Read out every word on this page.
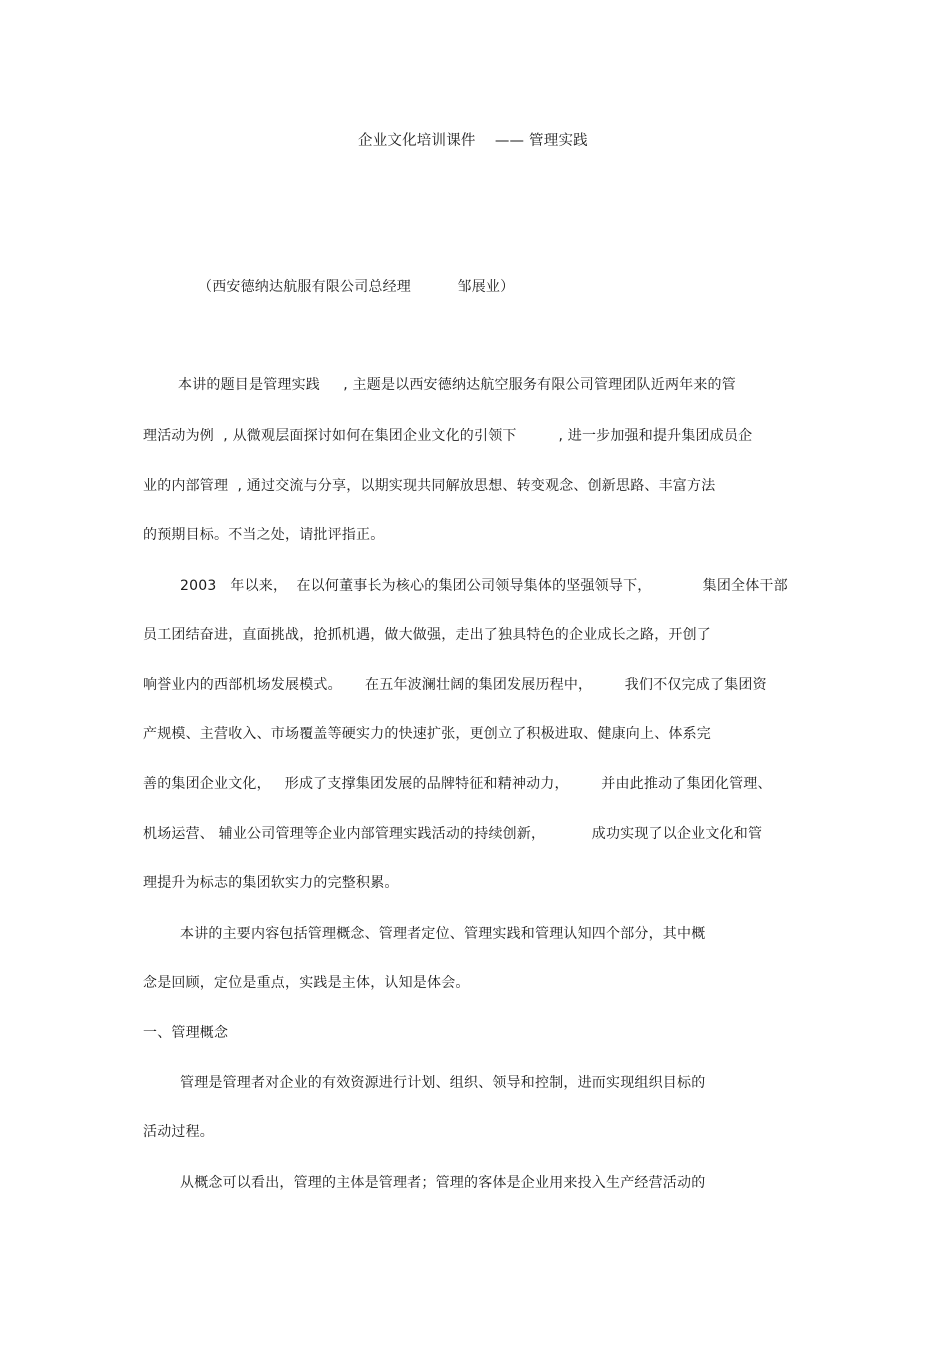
企业文化培训课件    —— 管理实践

（西安德纳达航服有限公司总经理          邹展业）

本讲的题目是管理实践     , 主题是以西安德纳达航空服务有限公司管理团队近两年来的管

理活动为例  , 从微观层面探讨如何在集团企业文化的引领下         , 进一步加强和提升集团成员企

业的内部管理  , 通过交流与分享，以期实现共同解放思想、转变观念、创新思路、丰富方法

的预期目标。不当之处，请批评指正。

2003   年以来，  在以何董事长为核心的集团公司领导集体的坚强领导下，           集团全体干部

员工团结奋进，直面挑战，抢抓机遇，做大做强，走出了独具特色的企业成长之路，开创了

响誉业内的西部机场发展模式。     在五年波澜壮阔的集团发展历程中，       我们不仅完成了集团资

产规模、主营收入、市场覆盖等硬实力的快速扩张，更创立了积极进取、健康向上、体系完

善的集团企业文化，   形成了支撑集团发展的品牌特征和精神动力，       并由此推动了集团化管理、

机场运营、 辅业公司管理等企业内部管理实践活动的持续创新，          成功实现了以企业文化和管

理提升为标志的集团软实力的完整积累。

本讲的主要内容包括管理概念、管理者定位、管理实践和管理认知四个部分，其中概

念是回顾，定位是重点，实践是主体，认知是体会。

一、管理概念

管理是管理者对企业的有效资源进行计划、组织、领导和控制，进而实现组织目标的

活动过程。

从概念可以看出，管理的主体是管理者；管理的客体是企业用来投入生产经营活动的
